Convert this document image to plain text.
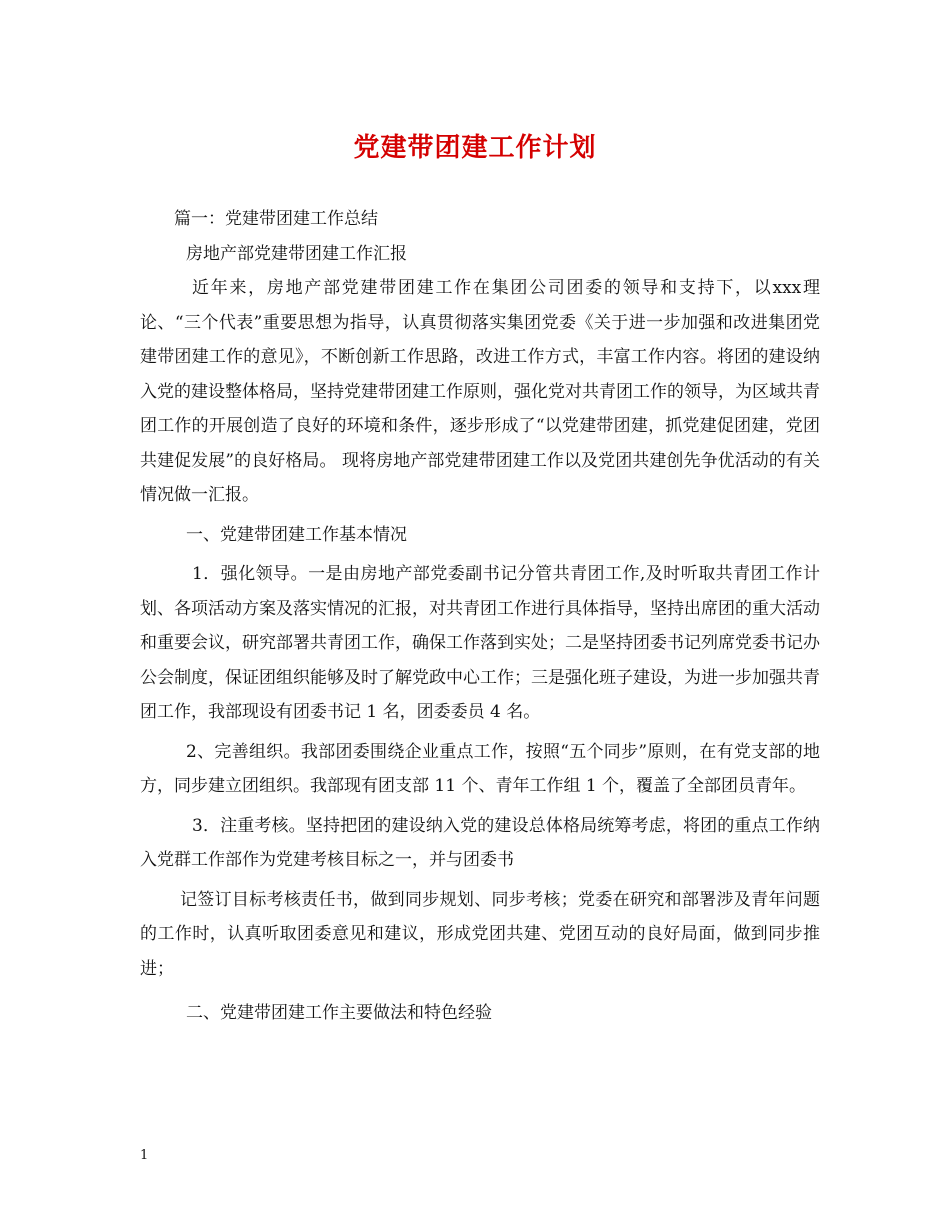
党建带团建工作计划

篇一：党建带团建工作总结

房地产部党建带团建工作汇报

近年来，房地产部党建带团建工作在集团公司团委的领导和支持下，以xxx理论、“三个代表”重要思想为指导，认真贯彻落实集团党委《关于进一步加强和改进集团党建带团建工作的意见》，不断创新工作思路，改进工作方式，丰富工作内容。将团的建设纳入党的建设整体格局，坚持党建带团建工作原则，强化党对共青团工作的领导，为区域共青团工作的开展创造了良好的环境和条件，逐步形成了“以党建带团建，抓党建促团建，党团共建促发展”的良好格局。 现将房地产部党建带团建工作以及党团共建创先争优活动的有关情况做一汇报。

一、党建带团建工作基本情况

1．强化领导。一是由房地产部党委副书记分管共青团工作,及时听取共青团工作计划、各项活动方案及落实情况的汇报，对共青团工作进行具体指导，坚持出席团的重大活动和重要会议，研究部署共青团工作，确保工作落到实处；二是坚持团委书记列席党委书记办公会制度，保证团组织能够及时了解党政中心工作；三是强化班子建设，为进一步加强共青团工作，我部现设有团委书记 1 名，团委委员 4 名。

2、完善组织。我部团委围绕企业重点工作，按照“五个同步”原则，在有党支部的地方，同步建立团组织。我部现有团支部 11 个、青年工作组 1 个，覆盖了全部团员青年。

3．注重考核。坚持把团的建设纳入党的建设总体格局统筹考虑，将团的重点工作纳入党群工作部作为党建考核目标之一，并与团委书

记签订目标考核责任书，做到同步规划、同步考核；党委在研究和部署涉及青年问题的工作时，认真听取团委意见和建议，形成党团共建、党团互动的良好局面，做到同步推进；

二、党建带团建工作主要做法和特色经验

1
